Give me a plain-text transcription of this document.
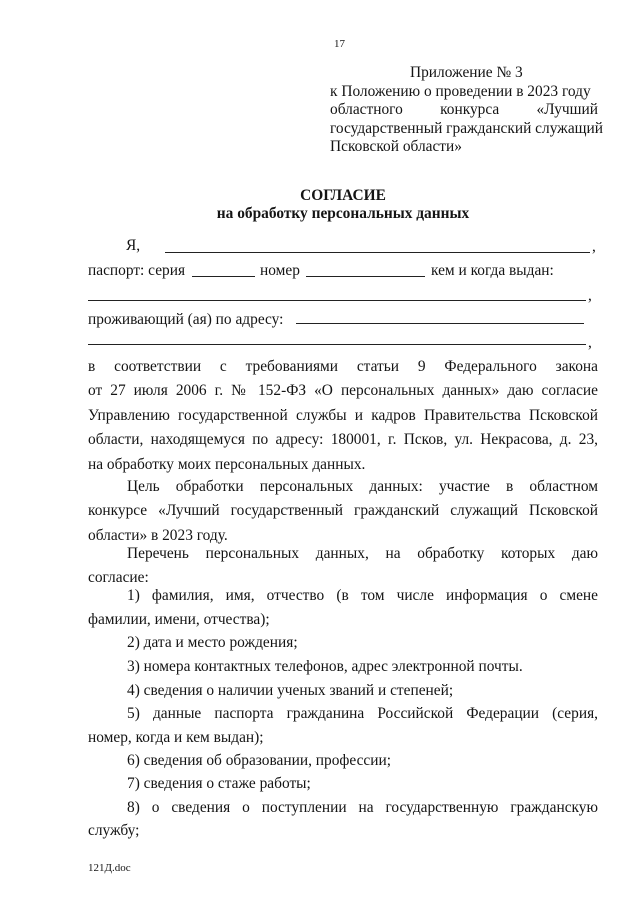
17
Приложение № 3
к Положению о проведении в 2023 году
областного конкурса «Лучший
государственный гражданский служащий
Псковской области»
СОГЛАСИЕ
на обработку персональных данных
Я,	,
паспорт: серия	номер	кем и когда выдан:
,
проживающий (ая) по адресу:
,
в соответствии с требованиями статьи 9 Федерального закона
от 27 июля 2006 г. № 152-ФЗ «О персональных данных» даю согласие
Управлению государственной службы и кадров Правительства Псковской
области, находящемуся по адресу: 180001, г. Псков, ул. Некрасова, д. 23,
на обработку моих персональных данных.
Цель обработки персональных данных: участие в областном
конкурсе «Лучший государственный гражданский служащий Псковской
области» в 2023 году.
Перечень персональных данных, на обработку которых даю
согласие:
1) фамилия, имя, отчество (в том числе информация о смене
фамилии, имени, отчества);
2) дата и место рождения;
3) номера контактных телефонов, адрес электронной почты.
4) сведения о наличии ученых званий и степеней;
5) данные паспорта гражданина Российской Федерации (серия,
номер, когда и кем выдан);
6) сведения об образовании, профессии;
7) сведения о стаже работы;
8) о сведения о поступлении на государственную гражданскую
службу;
121Д.doc
